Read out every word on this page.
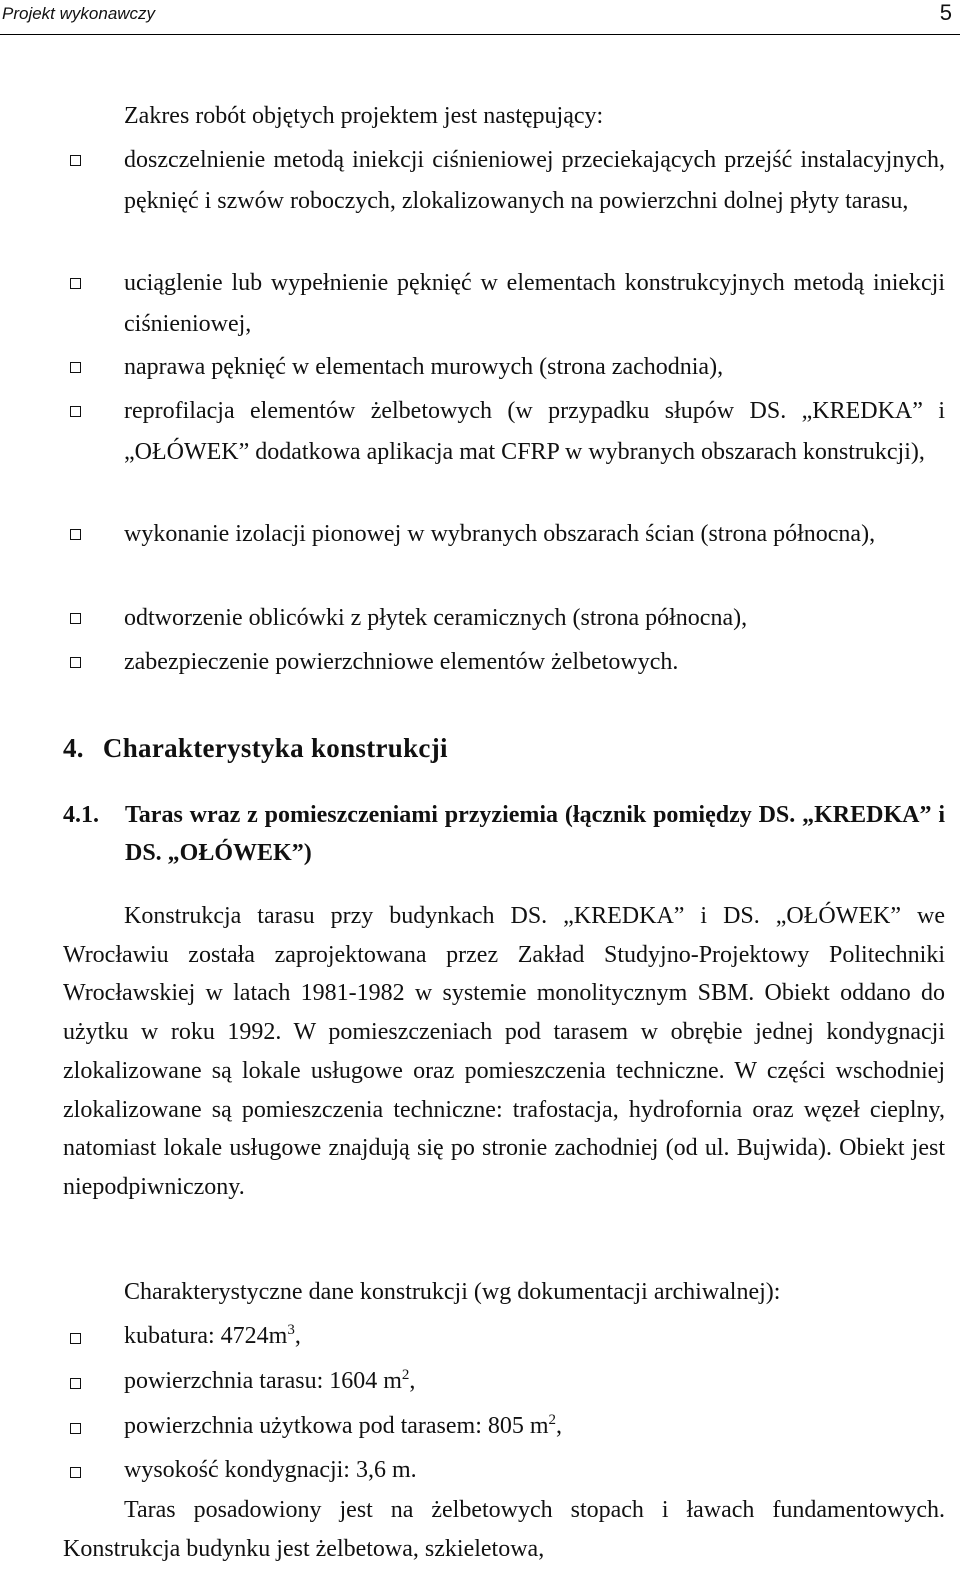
Projekt wykonawczy	5
Zakres robót objętych projektem jest następujący:
doszczelnienie metodą iniekcji ciśnieniowej przeciekających przejść instalacyjnych, pęknięć i szwów roboczych, zlokalizowanych na powierzchni dolnej płyty tarasu,
uciąglenie lub wypełnienie pęknięć w elementach konstrukcyjnych metodą iniekcji ciśnieniowej,
naprawa pęknięć w elementach murowych (strona zachodnia),
reprofilacja elementów żelbetowych (w przypadku słupów DS. „KREDKA” i „OŁÓWEK” dodatkowa aplikacja mat CFRP w wybranych obszarach konstrukcji),
wykonanie izolacji pionowej w wybranych obszarach ścian (strona północna),
odtworzenie oblicówki z płytek ceramicznych (strona północna),
zabezpieczenie powierzchniowe elementów żelbetowych.
4. Charakterystyka konstrukcji
4.1.	Taras wraz z pomieszczeniami przyziemia (łącznik pomiędzy DS. „KREDKA” i DS. „OŁÓWEK”)
Konstrukcja tarasu przy budynkach DS. „KREDKA” i DS. „OŁÓWEK” we Wrocławiu została zaprojektowana przez Zakład Studyjno-Projektowy Politechniki Wrocławskiej w latach 1981-1982 w systemie monolitycznym SBM. Obiekt oddano do użytku w roku 1992. W pomieszczeniach pod tarasem w obrębie jednej kondygnacji zlokalizowane są lokale usługowe oraz pomieszczenia techniczne. W części wschodniej zlokalizowane są pomieszczenia techniczne: trafostacja, hydrofornia oraz węzeł cieplny, natomiast lokale usługowe znajdują się po stronie zachodniej (od ul. Bujwida). Obiekt jest niepodpiwniczony.
Charakterystyczne dane konstrukcji (wg dokumentacji archiwalnej):
kubatura: $4724m^3$,
powierzchnia tarasu: 1604 $m^2$,
powierzchnia użytkowa pod tarasem: 805 $m^2$,
wysokość kondygnacji: 3,6 m.
Taras posadowiony jest na żelbetowych stopach i ławach fundamentowych. Konstrukcja budynku jest żelbetowa, szkieletowa,
